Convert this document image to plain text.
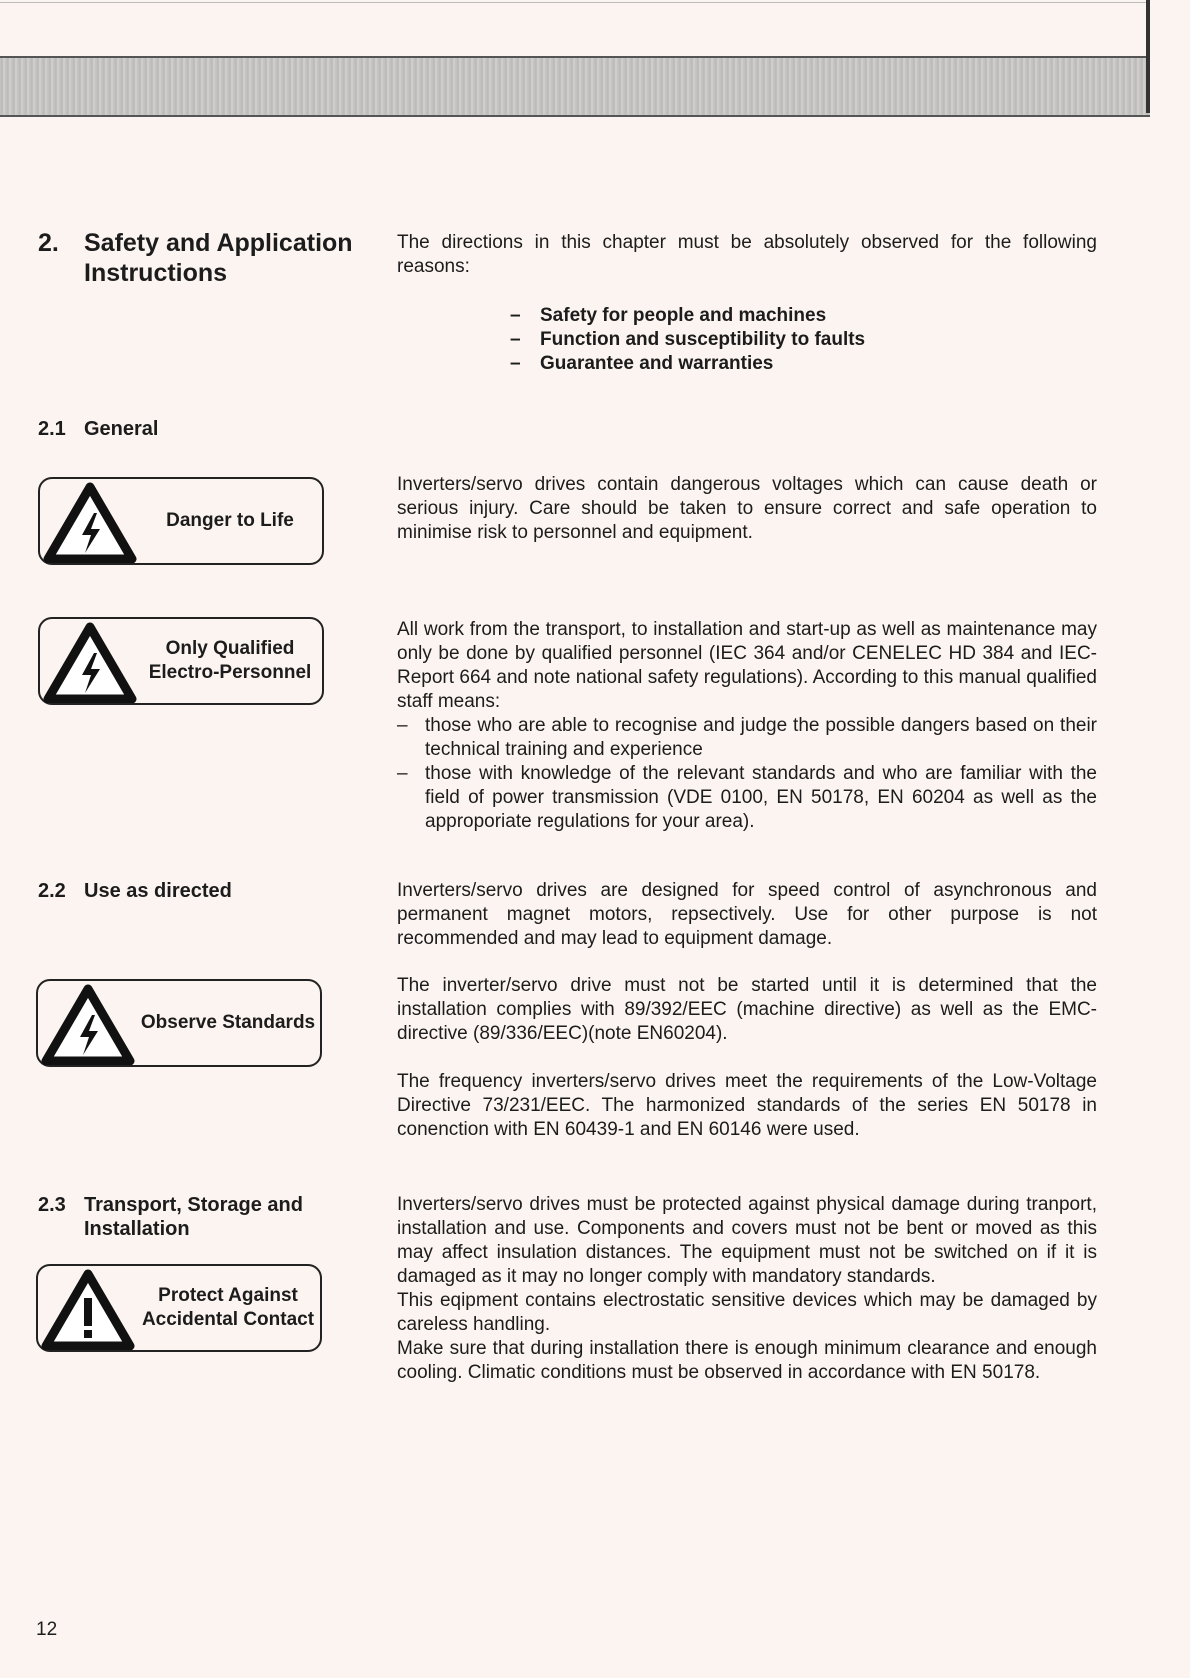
2. Safety and Application Instructions
The directions in this chapter must be absolutely observed for the following reasons:
– Safety for people and machines
– Function and susceptibility to faults
– Guarantee and warranties
2.1 General
Danger to Life
Inverters/servo drives contain dangerous voltages which can cause death or serious injury. Care should be taken to ensure correct and safe operation to minimise risk to personnel and equipment.
Only Qualified Electro-Personnel

All work from the transport, to installation and start-up as well as maintenance may only be done by qualified personnel (IEC 364 and/or CENELEC HD 384 and IEC-Report 664 and note national safety regulations). According to this manual qualified staff means:

– those who are able to recognise and judge the possible dangers based on their technical training and experience
– those with knowledge of the relevant standards and who are familiar with the field of power transmission (VDE 0100, EN 50178, EN 60204 as well as the approporiate regulations for your area).
2.2 Use as directed	Inverters/servo drives are designed for speed control of asynchronous and permanent magnet motors, repsectively. Use for other purpose is not recommended and may lead to equipment damage.
Observe Standards
The inverter/servo drive must not be started until it is determined that the installation complies with 89/392/EEC (machine directive) as well as the EMC-directive (89/336/EEC)(note EN60204).
The frequency inverters/servo drives meet the requirements of the Low-Voltage Directive 73/231/EEC. The harmonized standards of the series EN 50178 in conenction with EN 60439-1 and EN 60146 were used.
2.3 Transport, Storage and Installation
Protect Against Accidental Contact

Inverters/servo drives must be protected against physical damage during tranport, installation and use. Components and covers must not be bent or moved as this may affect insulation distances. The equipment must not be switched on if it is damaged as it may no longer comply with mandatory standards.

This eqipment contains electrostatic sensitive devices which may be damaged by careless handling.

Make sure that during installation there is enough minimum clearance and enough cooling. Climatic conditions must be observed in accordance with EN 50178.

12
